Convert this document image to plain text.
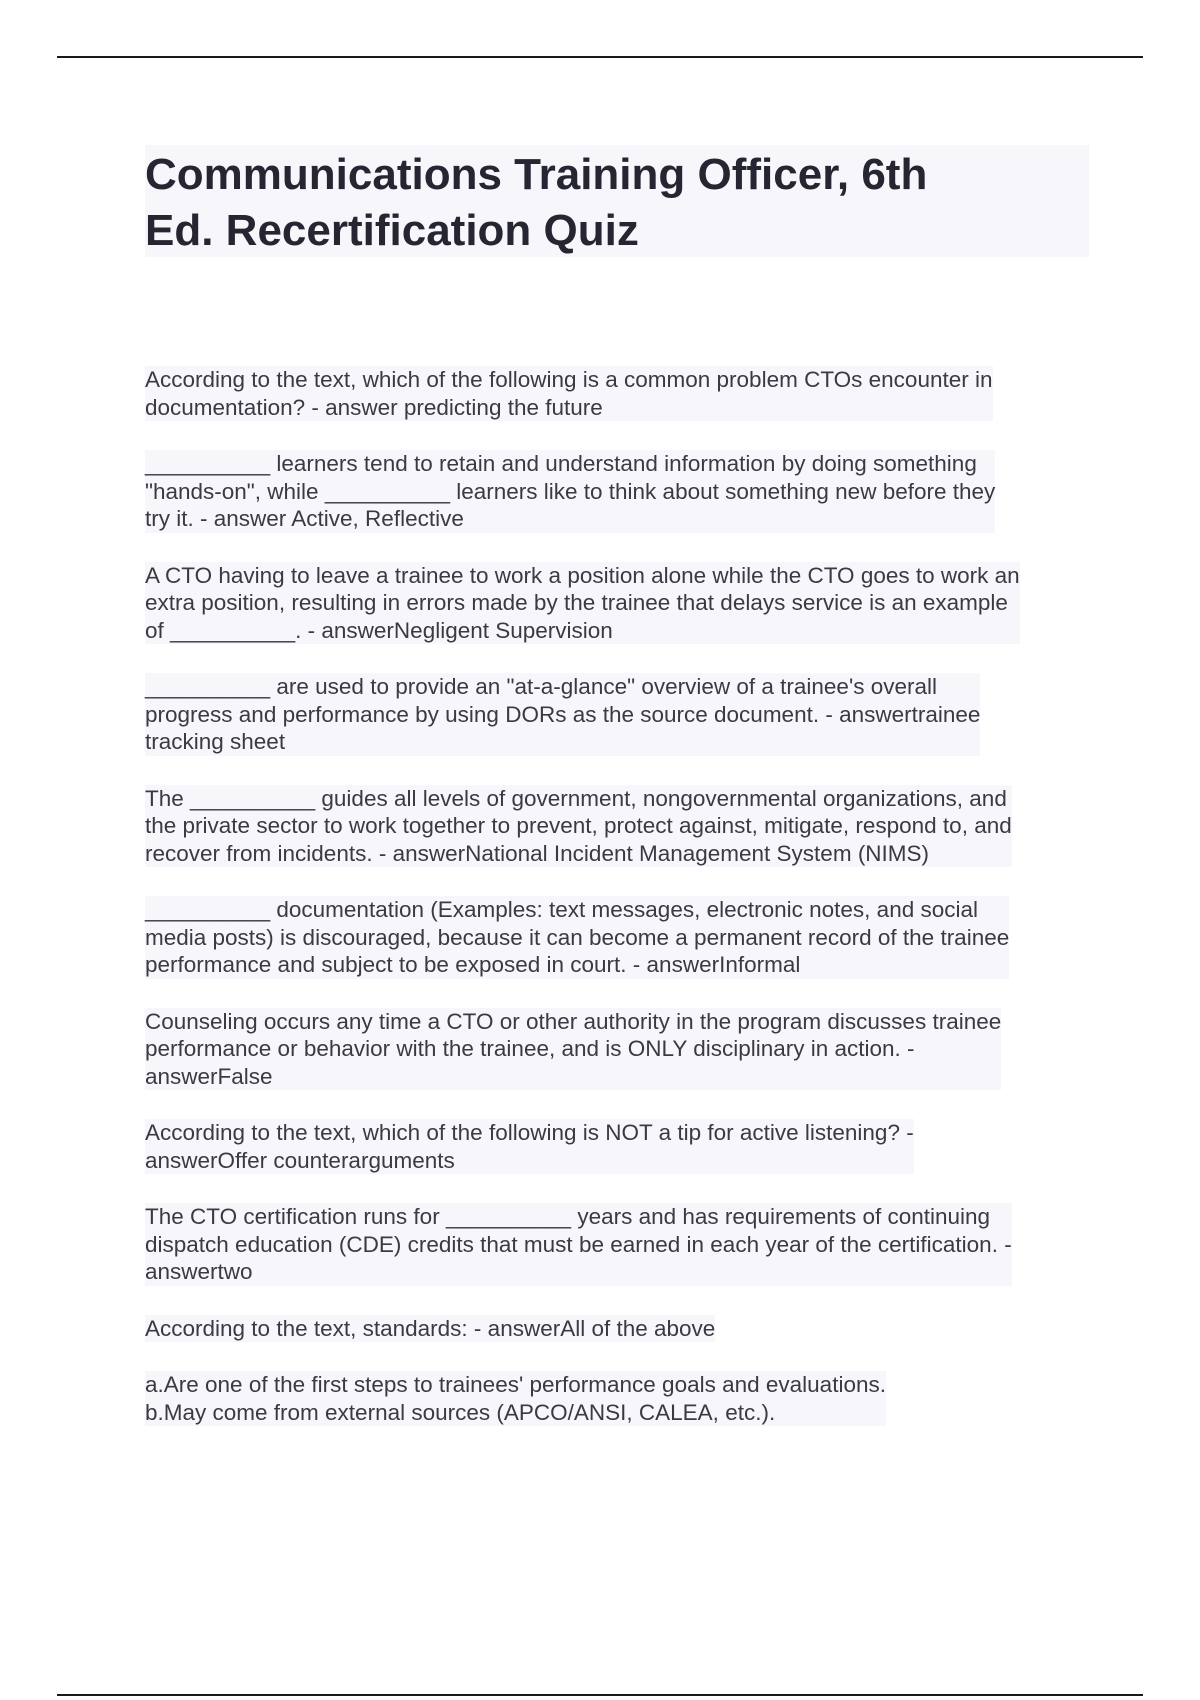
Communications Training Officer, 6th
Ed. Recertification Quiz
According to the text, which of the following is a common problem CTOs encounter in
documentation? - answer predicting the future
__________ learners tend to retain and understand information by doing something
"hands-on", while __________ learners like to think about something new before they
try it. - answer Active, Reflective
A CTO having to leave a trainee to work a position alone while the CTO goes to work an
extra position, resulting in errors made by the trainee that delays service is an example
of __________. - answerNegligent Supervision
__________ are used to provide an "at-a-glance" overview of a trainee's overall
progress and performance by using DORs as the source document. - answertrainee
tracking sheet
The __________ guides all levels of government, nongovernmental organizations, and
the private sector to work together to prevent, protect against, mitigate, respond to, and
recover from incidents. - answerNational Incident Management System (NIMS)
__________ documentation (Examples: text messages, electronic notes, and social
media posts) is discouraged, because it can become a permanent record of the trainee
performance and subject to be exposed in court. - answerInformal
Counseling occurs any time a CTO or other authority in the program discusses trainee
performance or behavior with the trainee, and is ONLY disciplinary in action. -
answerFalse
According to the text, which of the following is NOT a tip for active listening? -
answerOffer counterarguments
The CTO certification runs for __________ years and has requirements of continuing
dispatch education (CDE) credits that must be earned in each year of the certification. -
answertwo
According to the text, standards: - answerAll of the above
a.Are one of the first steps to trainees' performance goals and evaluations.
b.May come from external sources (APCO/ANSI, CALEA, etc.).
